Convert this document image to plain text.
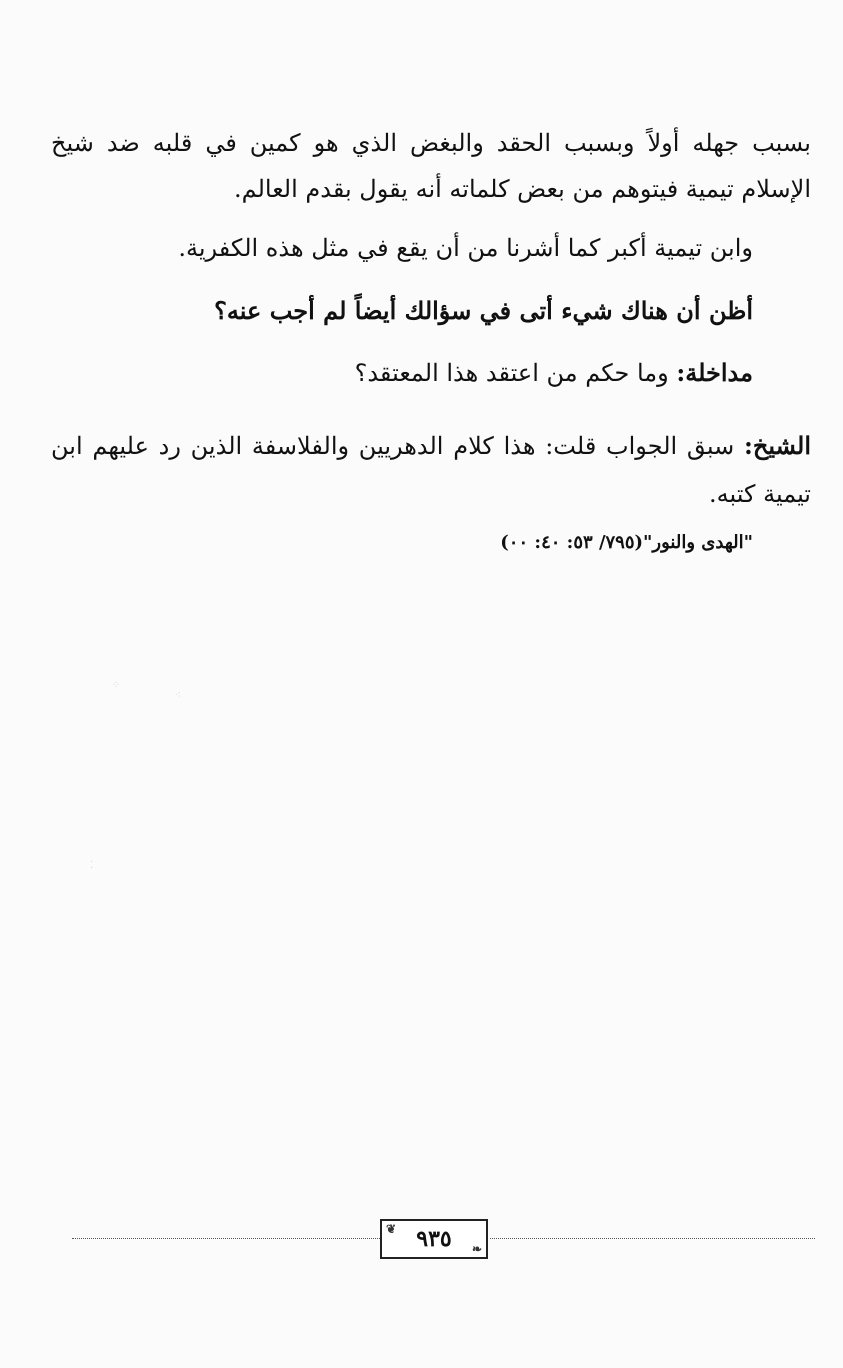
بسبب جهله أولاً وبسبب الحقد والبغض الذي هو كمين في قلبه ضد شيخ الإسلام تيمية فيتوهم من بعض كلماته أنه يقول بقدم العالم.
وابن تيمية أكبر كما أشرنا من أن يقع في مثل هذه الكفرية.
أظن أن هناك شيء أتى في سؤالك أيضاً لم أجب عنه؟
مداخلة: وما حكم من اعتقد هذا المعتقد؟
الشيخ: سبق الجواب قلت: هذا كلام الدهريين والفلاسفة الذين رد عليهم ابن تيمية كتبه.
"الهدى والنور"(٧٩٥/ ٥٣: ٤٠: ٠٠)
⁘
⁖
⁚
❦ ٩٣٥ ❧
